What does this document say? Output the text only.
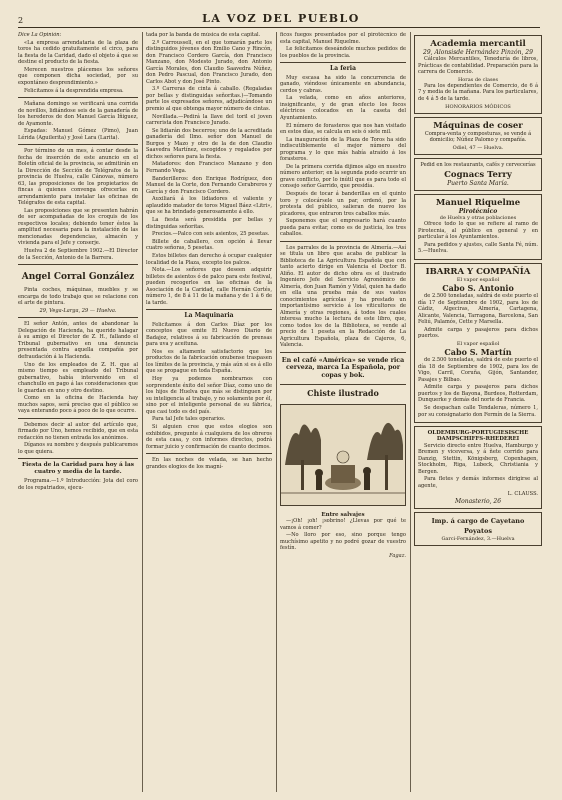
2	LA VOZ DEL PUEBLO

Dice La Opinión:

«La empresa arrendataria de la plaza de toros ha cedido gratuitamente el circo, para la fiesta de la Caridad, dado el objeto á que se destine el producto de la fiesta.

Merecen nuestros plácemes los señores que componen dicha sociedad, por su expontáneo desprendimiento.»

Felicitamos á la desprendida empresa.

Mañana domingo se verificará una corrida de novillos, lidiándose seis de la ganadería de los herederos de don Manuel García Iñiguez, de Ayamonte.

Espadas: Manuel Gómez (Pimo), Juan Lérida (Aguilerita) y José Lara (Larita).

Por término de un mes, á contar desde la fecha de inserción de este anuncio en el Boletín oficial de la provincia, se admitirán en la Dirección de Sección de Telégrafos de la provincia de Huelva, calle Cánovas, número 63, las proposiciones de los propietarios de fincas á quienes convenga ofrecerlas en arrendamiento para instalar las oficinas de Telégrafos de esta capital.

Las proposiciones que se presenten habrán de ser acompañadas de los croquis de los respectivos locales; debiendo tener éstos la amplitud necesaria para la instalación de las mencionadas dependencias, almacén y vivienda para el Jefe y conserje.

Huelva 2 de Septiembre 1902.—El Director de la Sección, Antonio de la Barrera.

Angel Corral González

Pinta coches, máquinas, muebles y se encarga de todo trabajo que se relacione con el arte de pintura.

29, Vega-Larga, 29 — Huelva.

El señor Antón, antes de abandonar la Delegación de Hacienda, ha querido halagar á su amigo el Director de Z. H., fallando el Tribunal gubernativo en una denuncia presentada contra aquella compañía por defraudación á la Hacienda.

Uno de los empleados de Z. H. que al mismo tiempo es empleado del Tribunal gubernativo, había intervenido en el chanchullo en pago á las consideraciones que le guardan en uno y otro destino.

Como en la oficina de Hacienda hay muchos sapos, será preciso que el público se vaya enterando poco á poco de lo que ocurre.

Debemos decir al autor del artículo que, firmado por Uno, hemos recibido, que en esta redacción no tienen entrada los anónimos.

Díganos su nombre y después publicaremos lo que quiera.

Fiesta de la Caridad para hoy á las cuatro y media de la tarde.

Programa.—1.º Introducción: Jota del coro de los repatriados, ejecu-

tada por la banda de música de esta capital.

2.º Carroussell, en el que tomarán parte los distinguidos jóvenes don Emilio Cano y Rincón, don Francisco Cordero García, don Francisco Manzano, don Modesto Jurado, don Antonio García Morales, don Claudio Saavedra Núñez, don Pedro Pascual, don Francisco Jurado, don Carlos Abot y don José Pinto.

3.º Carreras de cinta á caballo. (Regaladas por bellas y distinguidas señoritas.)—Tomando parte los expresados señores, adjudicándose un premio al que obtenga mayor número de cintas.

Novillada.—Pedirá la llave del toril el joven carrerista don Francisco Jurado.

Se lidiarán dos becerros; uno de la acreditada ganadería del Ilmo. señor don Manuel de Burgos y Mazo y otro de la de don Claudio Saavedra Martínez, escogidos y regalados por dichos señores para la fiesta.

Matadores: don Francisco Manzano y don Fernando Vega.

Banderilleros: don Enrique Rodríguez, don Manuel de la Corte, don Fernando Cerabreros y García y don Francisco Cordero.

Auxiliará á los lidiadores el valiente y aplaudido matador de toros Miguel Báez «Litri», que se ha brindado generosamente á ello.

La fiesta será presidida por bellas y distinguidas señoritas.

Precios.—Palco con seis asientos, 25 pesetas.

Billete de caballero, con opción á llevar cuatro señoras, 5 pesetas.

Estos billetes dan derecho á ocupar cualquier localidad de la Plaza, excepto los palcos.

Nota.—Los señores que deseen adquirir billetes de asientos ó de palco para este festival, pueden recogerlos en las oficinas de la Asociación de la Caridad, calle Hernán Cortés, número 1, de 8 á 11 de la mañana y de 1 á 6 de la tarde.

La Maquinaria

Felicitamos á don Carlos Díaz por los conceptos que emite El Nuevo Diario de Badajoz, relativos á su fabricación de prensas para uva y aceituna.

Nos es altamente satisfactorio que los productos de la fabricación onubense traspasen los límites de la provincia, y más aún si es á ello que se propague en toda España.

Hoy ya podemos nombrarnos con sorprendente éxito del señor Díaz, como uno de los hijos de Huelva que más se distinguen por su inteligencia al trabajo, y no solamente por él, sino por el inteligente personal de su fábrica, que casi todo es del país.

Para tal Jefe tales operarios.

Si alguien cree que estos elogios son exhibidos, pregunte á cualquiera de los obreros de esta casa, y con informes directos, podrá formar juicio y confirmación de cuanto decimos.

En las noches de velada, se han hecho grandes elogios de los magní-

ficos fuegos presentados por el pirotécnico de esta capital, Manuel Riquelme.

Le felicitamos deseándole muchos pedidos de los pueblos de la provincia.

La feria

Muy escasa ha sido la concurrencia de ganado, viéndose únicamente en abundancia, cerdos y cabras.

La velada, como en años anteriores, insignificante, y de gran efecto los focos eléctricos colocados en la caseta del Ayuntamiento.

El número de forasteros que nos han visitado en estos días, se calcula en seis ó siete mil.

La inauguración de la Plaza de Toros ha sido indiscutiblemente el mejor número del programa y lo que más había atraído á los forasteros.

De la primera corrida dijimos algo en nuestro número anterior; en la segunda pudo ocurrir un grave conflicto, por lo inútil que es para todo el consejo señor Garrido, que presidía.

Después de tocar á banderillas en el quinto toro y colocársele un par, ordenó, por la protesta del público, salieran de nuevo los picadores, que entraron tres caballos más.

Suponemos que el empresario hará cuanto pueda para evitar, como es de justicia, los tres caballos.

Los parrales de la provincia de Almería.—Así se titula un libro que acaba de publicar la Biblioteca de La Agricultura Española que con tanto acierto dirige en Valencia el Doctor B. Aliño. El autor de dicho obra es el ilustrado Ingeniero Jefe del Servicio Agronómico de Almería, don Juan Ramón y Vidal, quien ha dado en ella una prueba más de sus vastos conocimientos agrícolas y ha prestado un importantísimo servicio á los viticultores de Almería y otras regiones, á todos los cuales interesa mucho la lectura de este libro, que, como todos los de la Biblioteca, se vende al precio de 1 peseta en la Redacción de La Agricultura Española, plaza de Cajeros, 6, Valencia.

En el café «América» se vende rica cerveza, marca La Española, por copas y bok.
Chiste ilustrado
Entre salvajes

—¡Oh! ¡oh! ¡sobrino! ¿Llevas por qué te vamos á comer?

—No lloro por eso, sino porque tengo muchísimo apetito y no podré gozar de vuestro festín.

Fagaz.

Academia mercantil
29, Alonsisde Hernández Pinzón, 29

Cálculos Mercantiles, Teneduría de libros, Prácticas de contabilidad. Preparación para la carrera de Comercio.

Horas de clases

Para los dependientes de Comercio, de 6 á 7 y media de la mañana. Para los particulares, de 4 á 5 de la tarde.

HONORARIOS MÓDICOS
Máquinas de coser

Compra-venta y composturas, se vende á domicilio; Núñez Palomo y compañía.

Odiel, 47 — Huelva.

Pedid en los restaurants, cafés y cervecerías

Cognacs Terry
Puerto Santa María.
Manuel Riquelme
Pirotécnico
de Huelva y otras poblaciones

Ofrece todo lo que se refiere al ramo de Pirotecnia, al público en general y en particular á los Ayuntamientos.

Para pedidos y ajustes, calle Santa Fé, núm. 5.—Huelva.

IBARRA Y COMPAÑÍA
El vapor español
Cabo S. Antonio

de 2.500 toneladas, saldrá de este puerto el día 17 de Septiembre de 1902, para los de Cádiz, Algeciras, Almería, Cartagena, Alicante, Valencia, Tarragona, Barcelona, San Feliú, Palamós, Cette y Marsella.

Admite carga y pasajeros para dichos puertos.

El vapor español
Cabo S. Martín

de 2.500 toneladas, saldrá de este puerto el día 18 de Septiembre de 1902, para los de Vigo, Carril, Coruña, Gijón, Santander, Pasajes y Bilbao.

Admite carga y pasajeros para dichos puertos y los de Bayona, Burdeos, Rotterdam, Dunquerke y demás del norte de Francia.

Se despachan calle Tendaleras, número 1, por su consignatario don Fermín de la Sierra.

OLDEMBURG-PORTUGIESISCHE DAMPSCHIFFS-RHEDEREI

Servicio directo entre Huelva, Hamburgo y Bremen y viceversa, y á ñete corrido para Danzig, Stettin, Königsberg, Copenhagen, Stockholm, Riga, Lubeck, Christiania y Bergen.

Para fletes y demás informes dirigirse al agente,

L. CLAUSS.

Monasterio, 26
Imp. á cargo de Cayetano Poyatos
Garci-Fernández, 3.—Huelva
